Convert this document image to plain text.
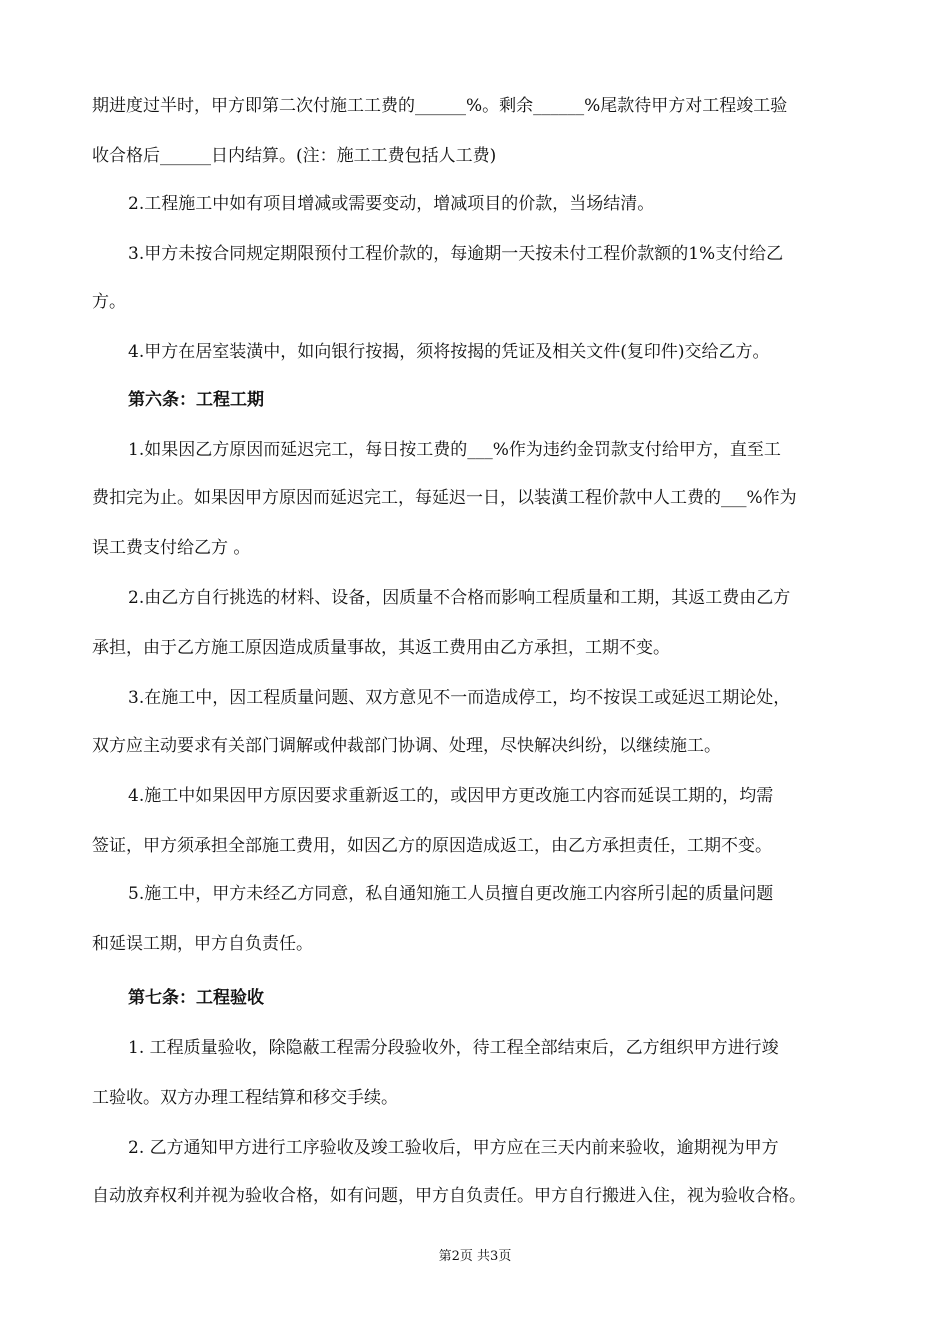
期进度过半时，甲方即第二次付施工工费的______%。剩余______%尾款待甲方对工程竣工验
收合格后______日内结算。(注：施工工费包括人工费)
2.工程施工中如有项目增减或需要变动，增减项目的价款，当场结清。
3.甲方未按合同规定期限预付工程价款的，每逾期一天按未付工程价款额的1%支付给乙
方。
4.甲方在居室装潢中，如向银行按揭，须将按揭的凭证及相关文件(复印件)交给乙方。
第六条：工程工期
1.如果因乙方原因而延迟完工，每日按工费的___%作为违约金罚款支付给甲方，直至工
费扣完为止。如果因甲方原因而延迟完工，每延迟一日，以装潢工程价款中人工费的___%作为
误工费支付给乙方 。
2.由乙方自行挑选的材料、设备，因质量不合格而影响工程质量和工期，其返工费由乙方
承担，由于乙方施工原因造成质量事故，其返工费用由乙方承担，工期不变。
3.在施工中，因工程质量问题、双方意见不一而造成停工，均不按误工或延迟工期论处，
双方应主动要求有关部门调解或仲裁部门协调、处理，尽快解决纠纷，以继续施工。
4.施工中如果因甲方原因要求重新返工的，或因甲方更改施工内容而延误工期的，均需
签证，甲方须承担全部施工费用，如因乙方的原因造成返工，由乙方承担责任，工期不变。
5.施工中，甲方未经乙方同意，私自通知施工人员擅自更改施工内容所引起的质量问题
和延误工期，甲方自负责任。
第七条：工程验收
1. 工程质量验收，除隐蔽工程需分段验收外，待工程全部结束后，乙方组织甲方进行竣
工验收。双方办理工程结算和移交手续。
2. 乙方通知甲方进行工序验收及竣工验收后，甲方应在三天内前来验收，逾期视为甲方
自动放弃权利并视为验收合格，如有问题，甲方自负责任。甲方自行搬进入住，视为验收合格。
第2页 共3页
